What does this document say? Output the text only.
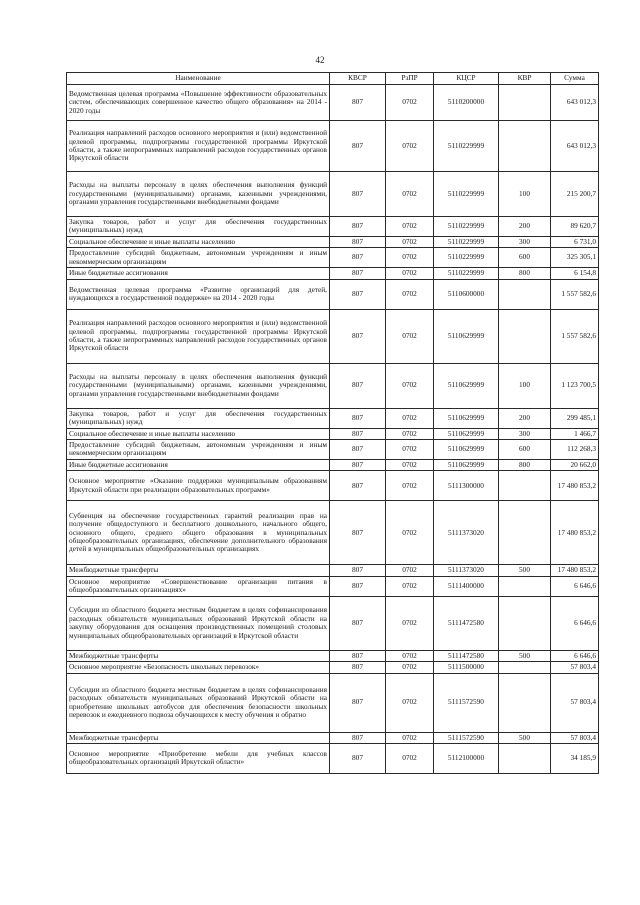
42
Наименование	КВСР	РзПР	КЦСР	КВР	Сумма
Ведомственная целевая программа «Повышение эффективности образовательных систем, обеспечивающих совершенное качество общего образования» на 2014 - 2020 годы	807	0702	5110200000		643 012,3
Реализация направлений расходов основного мероприятия и (или) ведомственной целевой программы, подпрограммы государственной программы Иркутской области, а также непрограммных направлений расходов государственных органов Иркутской области	807	0702	5110229999		643 012,3
Расходы на выплаты персоналу в целях обеспечения выполнения функций государственными (муниципальными) органами, казенными учреждениями, органами управления государственными внебюджетными фондами	807	0702	5110229999	100	215 200,7
Закупка товаров, работ и услуг для обеспечения государственных (муниципальных) нужд	807	0702	5110229999	200	89 620,7
Социальное обеспечение и иные выплаты населению	807	0702	5110229999	300	6 731,0
Предоставление субсидий бюджетным, автономным учреждениям и иным некоммерческим организациям	807	0702	5110229999	600	325 305,1
Иные бюджетные ассигнования	807	0702	5110229999	800	6 154,8
Ведомственная целевая программа «Развитие организаций для детей, нуждающихся в государственной поддержке» на 2014 - 2020 годы	807	0702	5110600000		1 557 582,6
Реализация направлений расходов основного мероприятия и (или) ведомственной целевой программы, подпрограммы государственной программы Иркутской области, а также непрограммных направлений расходов государственных органов Иркутской области	807	0702	5110629999		1 557 582,6
Расходы на выплаты персоналу в целях обеспечения выполнения функций государственными (муниципальными) органами, казенными учреждениями, органами управления государственными внебюджетными фондами	807	0702	5110629999	100	1 123 700,5
Закупка товаров, работ и услуг для обеспечения государственных (муниципальных) нужд	807	0702	5110629999	200	299 485,1
Социальное обеспечение и иные выплаты населению	807	0702	5110629999	300	1 466,7
Предоставление субсидий бюджетным, автономным учреждениям и иным некоммерческим организациям	807	0702	5110629999	600	112 268,3
Иные бюджетные ассигнования	807	0702	5110629999	800	20 662,0
Основное мероприятие «Оказание поддержки муниципальным образованиям Иркутской области при реализации образовательных программ»	807	0702	5111300000		17 480 853,2
Субвенция на обеспечение государственных гарантий реализации прав на получение общедоступного и бесплатного дошкольного, начального общего, основного общего, среднего общего образования в муниципальных общеобразовательных организациях, обеспечение дополнительного образования детей в муниципальных общеобразовательных организациях	807	0702	5111373020		17 480 853,2
Межбюджетные трансферты	807	0702	5111373020	500	17 480 853,2
Основное мероприятие «Совершенствование организации питания в общеобразовательных организациях»	807	0702	5111400000		6 646,6
Субсидии из областного бюджета местным бюджетам в целях софинансирования расходных обязательств муниципальных образований Иркутской области на закупку оборудования для оснащения производственных помещений столовых муниципальных общеобразовательных организаций в Иркутской области	807	0702	5111472580		6 646,6
Межбюджетные трансферты	807	0702	5111472580	500	6 646,6
Основное мероприятие «Безопасность школьных перевозок»	807	0702	5111500000		57 803,4
Субсидии из областного бюджета местным бюджетам в целях софинансирования расходных обязательств муниципальных образований Иркутской области на приобретение школьных автобусов для обеспечения безопасности школьных перевозок и ежедневного подвоза обучающихся к месту обучения и обратно	807	0702	5111572590		57 803,4
Межбюджетные трансферты	807	0702	5111572590	500	57 803,4
Основное мероприятие «Приобретение мебели для учебных классов общеобразовательных организаций Иркутской области»	807	0702	5112100000		34 185,9
